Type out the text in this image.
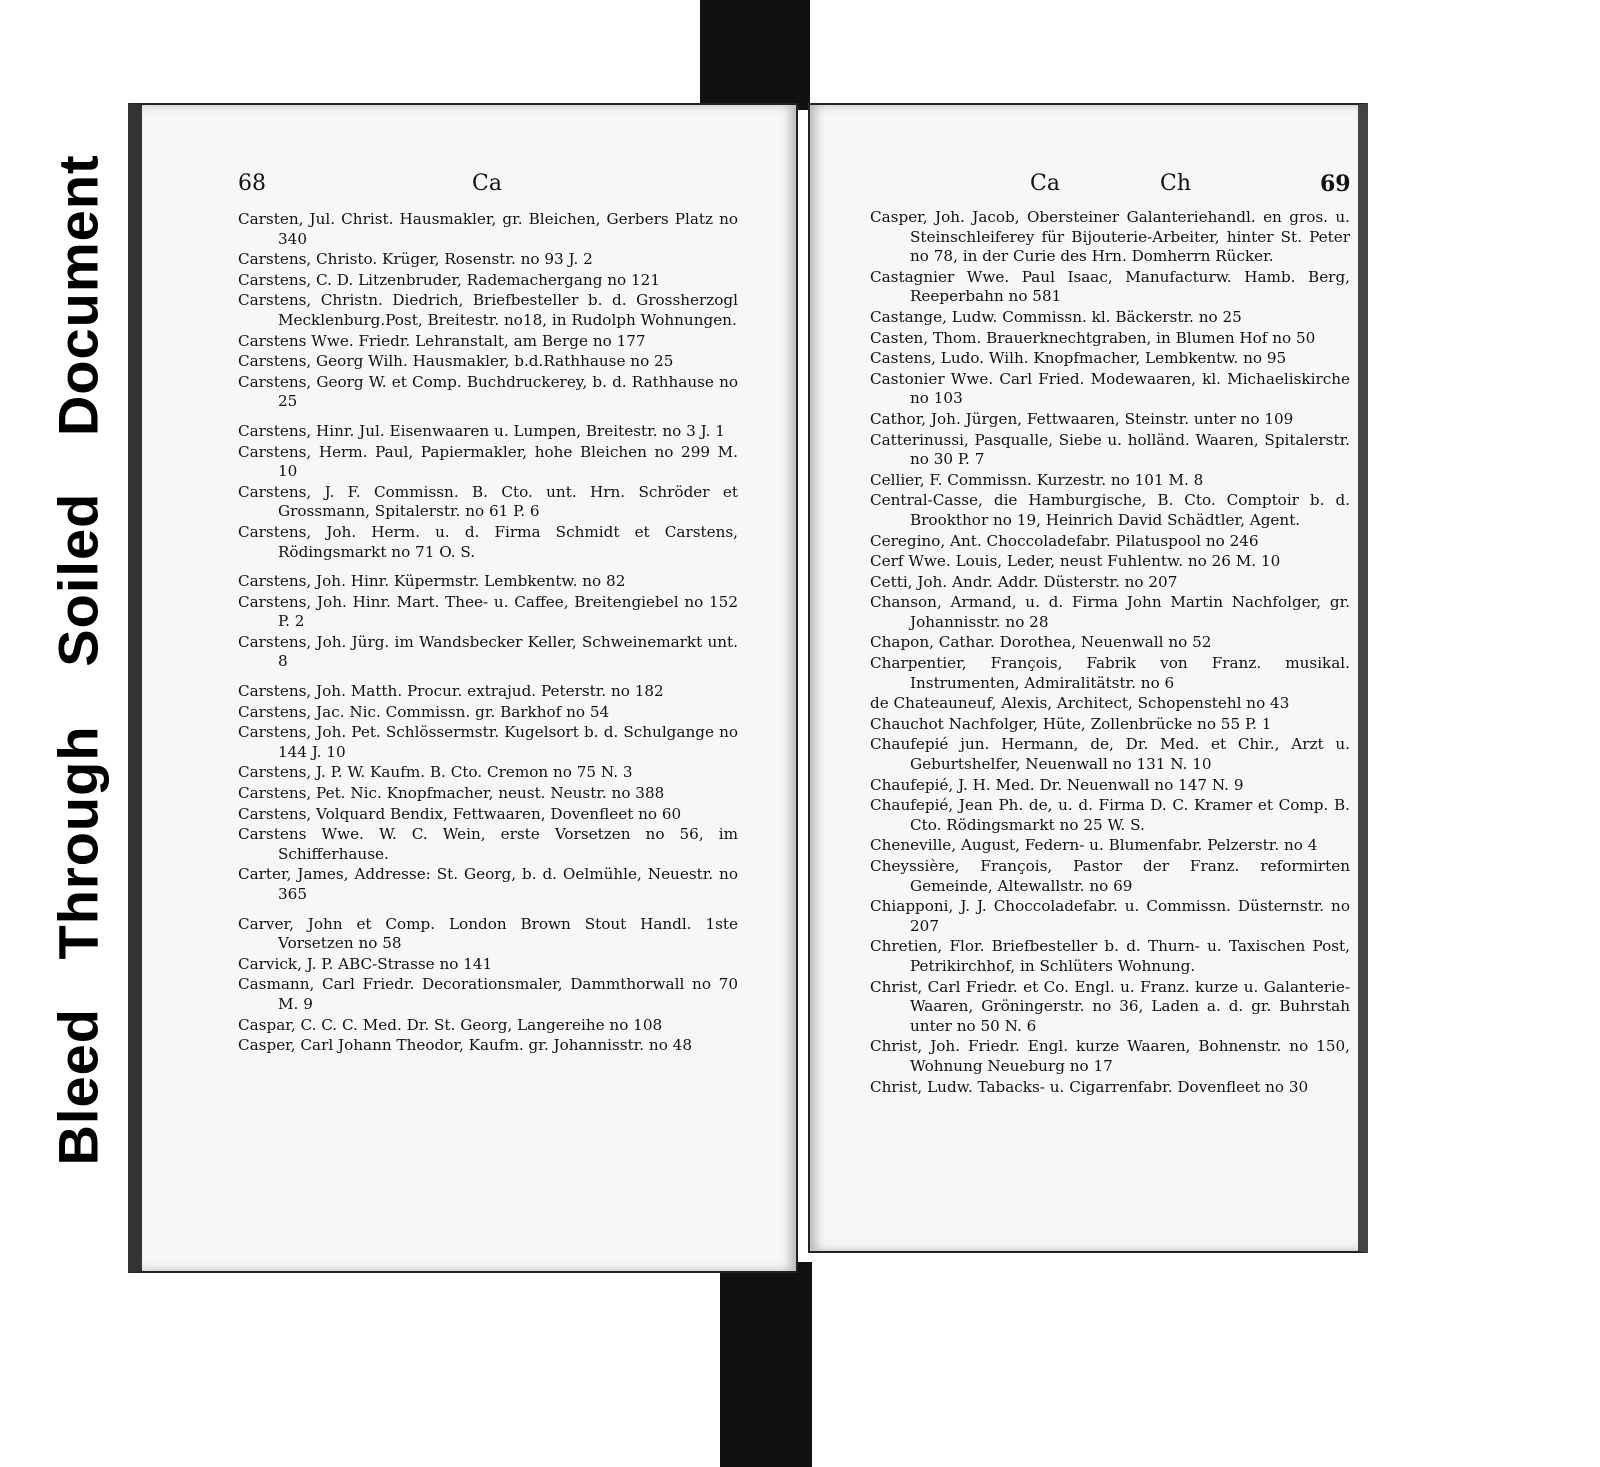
Soiled Document
Bleed Through
68	Ca
Carsten, Jul. Christ. Hausmakler, gr. Bleichen, Gerbers Platz no 340
Carstens, Christo. Krüger, Rosenstr. no 93 J. 2
Carstens, C. D. Litzenbruder, Rademachergang no 121
Carstens, Christn. Diedrich, Briefbesteller b. d. Grossherzogl Mecklenburg.Post, Breitestr. no18, in Rudolph Wohnungen.
Carstens Wwe. Friedr. Lehranstalt, am Berge no 177
Carstens, Georg Wilh. Hausmakler, b.d.Rathhause no 25
Carstens, Georg W. et Comp. Buchdruckerey, b. d. Rathhause no 25
Carstens, Hinr. Jul. Eisenwaaren u. Lumpen, Breitestr. no 3 J. 1
Carstens, Herm. Paul, Papiermakler, hohe Bleichen no 299 M. 10
Carstens, J. F. Commissn. B. Cto. unt. Hrn. Schröder et Grossmann, Spitalerstr. no 61 P. 6
Carstens, Joh. Herm. u. d. Firma Schmidt et Carstens, Rödingsmarkt no 71 O. S.
Carstens, Joh. Hinr. Küpermstr. Lembkentw. no 82
Carstens, Joh. Hinr. Mart. Thee- u. Caffee, Breitengiebel no 152 P. 2
Carstens, Joh. Jürg. im Wandsbecker Keller, Schweinemarkt unt. 8
Carstens, Joh. Matth. Procur. extrajud. Peterstr. no 182
Carstens, Jac. Nic. Commissn. gr. Barkhof no 54
Carstens, Joh. Pet. Schlössermstr. Kugelsort b. d. Schulgange no 144 J. 10
Carstens, J. P. W. Kaufm. B. Cto. Cremon no 75 N. 3
Carstens, Pet. Nic. Knopfmacher, neust. Neustr. no 388
Carstens, Volquard Bendix, Fettwaaren, Dovenfleet no 60
Carstens Wwe. W. C. Wein, erste Vorsetzen no 56, im Schifferhause.
Carter, James, Addresse: St. Georg, b. d. Oelmühle, Neuestr. no 365
Carver, John et Comp. London Brown Stout Handl. 1ste Vorsetzen no 58
Carvick, J. P. ABC-Strasse no 141
Casmann, Carl Friedr. Decorationsmaler, Dammthorwall no 70 M. 9
Caspar, C. C. C. Med. Dr. St. Georg, Langereihe no 108
Casper, Carl Johann Theodor, Kaufm. gr. Johannisstr. no 48
Ca	Ch	69
Casper, Joh. Jacob, Obersteiner Galanteriehandl. en gros. u. Steinschleiferey für Bijouterie-Arbeiter, hinter St. Peter no 78, in der Curie des Hrn. Domherrn Rücker.
Castagnier Wwe. Paul Isaac, Manufacturw. Hamb. Berg, Reeperbahn no 581
Castange, Ludw. Commissn. kl. Bäckerstr. no 25
Casten, Thom. Brauerknechtgraben, in Blumen Hof no 50
Castens, Ludo. Wilh. Knopfmacher, Lembkentw. no 95
Castonier Wwe. Carl Fried. Modewaaren, kl. Michaeliskirche no 103
Cathor, Joh. Jürgen, Fettwaaren, Steinstr. unter no 109
Catterinussi, Pasqualle, Siebe u. holländ. Waaren, Spitalerstr. no 30 P. 7
Cellier, F. Commissn. Kurzestr. no 101 M. 8
Central-Casse, die Hamburgische, B. Cto. Comptoir b. d. Brookthor no 19, Heinrich David Schädtler, Agent.
Ceregino, Ant. Choccoladefabr. Pilatuspool no 246
Cerf Wwe. Louis, Leder, neust Fuhlentw. no 26 M. 10
Cetti, Joh. Andr. Addr. Düsterstr. no 207
Chanson, Armand, u. d. Firma John Martin Nachfolger, gr. Johannisstr. no 28
Chapon, Cathar. Dorothea, Neuenwall no 52
Charpentier, François, Fabrik von Franz. musikal. Instrumenten, Admiralitätstr. no 6
de Chateauneuf, Alexis, Architect, Schopenstehl no 43
Chauchot Nachfolger, Hüte, Zollenbrücke no 55 P. 1
Chaufepié jun. Hermann, de, Dr. Med. et Chir., Arzt u. Geburtshelfer, Neuenwall no 131 N. 10
Chaufepié, J. H. Med. Dr. Neuenwall no 147 N. 9
Chaufepié, Jean Ph. de, u. d. Firma D. C. Kramer et Comp. B. Cto. Rödingsmarkt no 25 W. S.
Cheneville, August, Federn- u. Blumenfabr. Pelzerstr. no 4
Cheyssière, François, Pastor der Franz. reformirten Gemeinde, Altewallstr. no 69
Chiapponi, J. J. Choccoladefabr. u. Commissn. Düsternstr. no 207
Chretien, Flor. Briefbesteller b. d. Thurn- u. Taxischen Post, Petrikirchhof, in Schlüters Wohnung.
Christ, Carl Friedr. et Co. Engl. u. Franz. kurze u. Galanterie-Waaren, Gröningerstr. no 36, Laden a. d. gr. Buhrstah unter no 50 N. 6
Christ, Joh. Friedr. Engl. kurze Waaren, Bohnenstr. no 150, Wohnung Neueburg no 17
Christ, Ludw. Tabacks- u. Cigarrenfabr. Dovenfleet no 30
